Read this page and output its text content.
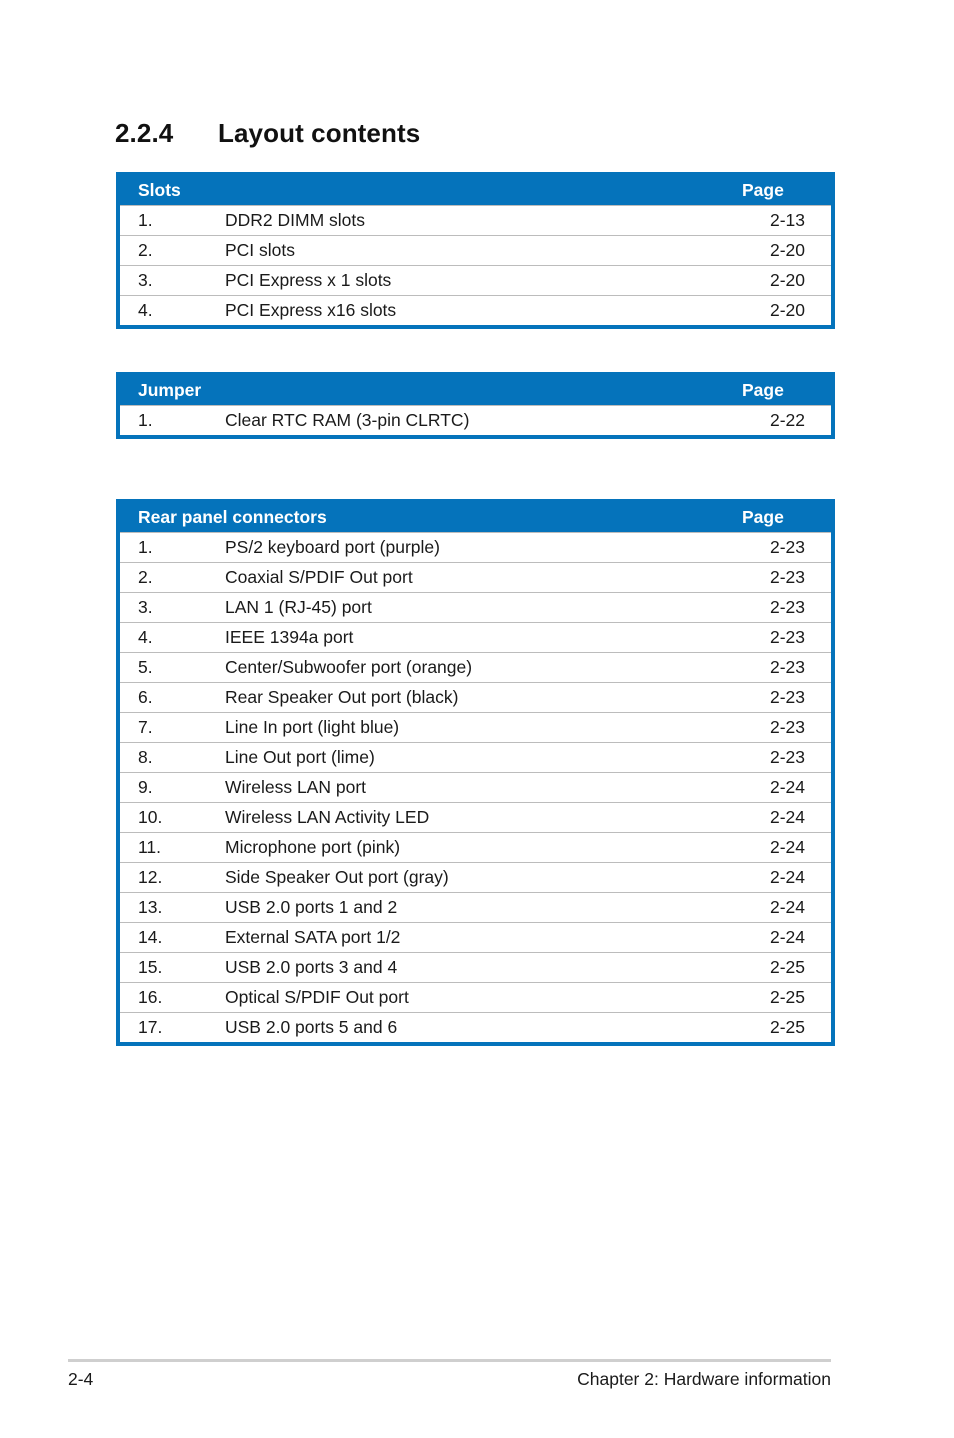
2.2.4 Layout contents
Slots	Page
1.	DDR2 DIMM slots	2-13
2.	PCI slots	2-20
3.	PCI Express x 1 slots	2-20
4.	PCI Express x16 slots	2-20
Jumper	Page
1.	Clear RTC RAM (3-pin CLRTC)	2-22
Rear panel connectors	Page
1.	PS/2 keyboard port (purple)	2-23
2.	Coaxial S/PDIF Out port	2-23
3.	LAN 1 (RJ-45) port	2-23
4.	IEEE 1394a port	2-23
5.	Center/Subwoofer port (orange)	2-23
6.	Rear Speaker Out port (black)	2-23
7.	Line In port (light blue)	2-23
8.	Line Out port (lime)	2-23
9.	Wireless LAN port	2-24
10.	Wireless LAN Activity LED	2-24
11.	Microphone port (pink)	2-24
12.	Side Speaker Out port (gray)	2-24
13.	USB 2.0 ports 1 and 2	2-24
14.	External SATA port 1/2	2-24
15.	USB 2.0 ports 3 and 4	2-25
16.	Optical S/PDIF Out port	2-25
17.	USB 2.0 ports 5 and 6	2-25
2-4	Chapter 2: Hardware information
